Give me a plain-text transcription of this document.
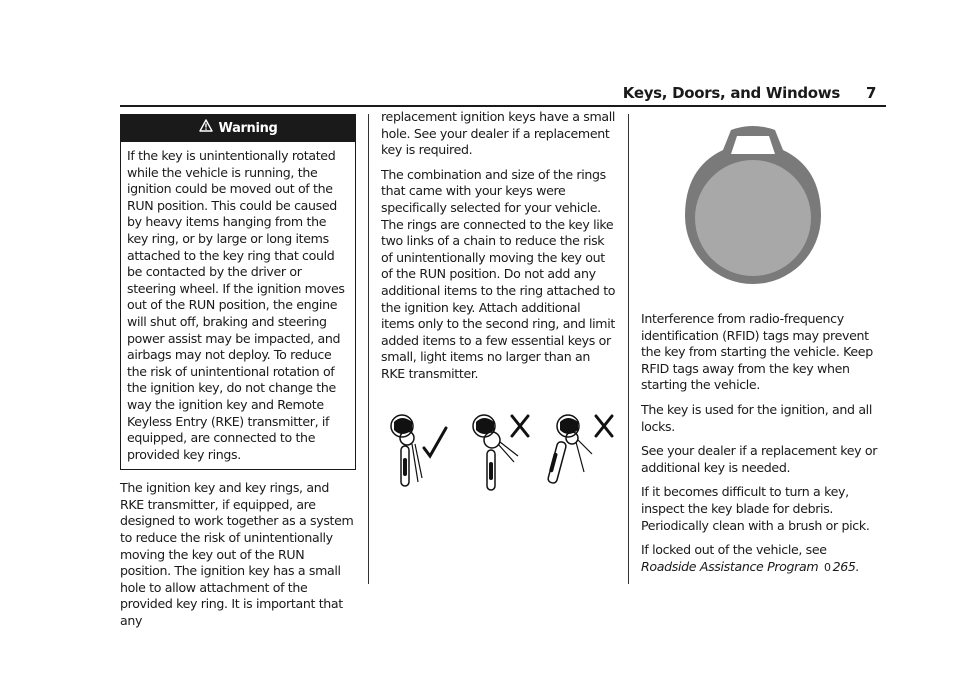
Keys, Doors, and Windows 7
Warning
If the key is unintentionally rotated while the vehicle is running, the ignition could be moved out of the RUN position. This could be caused by heavy items hanging from the key ring, or by large or long items attached to the key ring that could be contacted by the driver or steering wheel. If the ignition moves out of the RUN position, the engine will shut off, braking and steering power assist may be impacted, and airbags may not deploy. To reduce the risk of unintentional rotation of the ignition key, do not change the way the ignition key and Remote Keyless Entry (RKE) transmitter, if equipped, are connected to the provided key rings.

The ignition key and key rings, and RKE transmitter, if equipped, are designed to work together as a system to reduce the risk of unintentionally moving the key out of the RUN position. The ignition key has a small hole to allow attachment of the provided key ring. It is important that any

replacement ignition keys have a small hole. See your dealer if a replacement key is required.

The combination and size of the rings that came with your keys were specifically selected for your vehicle. The rings are connected to the key like two links of a chain to reduce the risk of unintentionally moving the key out of the RUN position. Do not add any additional items to the ring attached to the ignition key. Attach additional items only to the second ring, and limit added items to a few essential keys or small, light items no larger than an RKE transmitter.

Interference from radio-frequency identification (RFID) tags may prevent the key from starting the vehicle. Keep RFID tags away from the key when starting the vehicle.

The key is used for the ignition, and all locks.

See your dealer if a replacement key or additional key is needed.

If it becomes difficult to turn a key, inspect the key blade for debris. Periodically clean with a brush or pick.

If locked out of the vehicle, see Roadside Assistance Program 0 265.
